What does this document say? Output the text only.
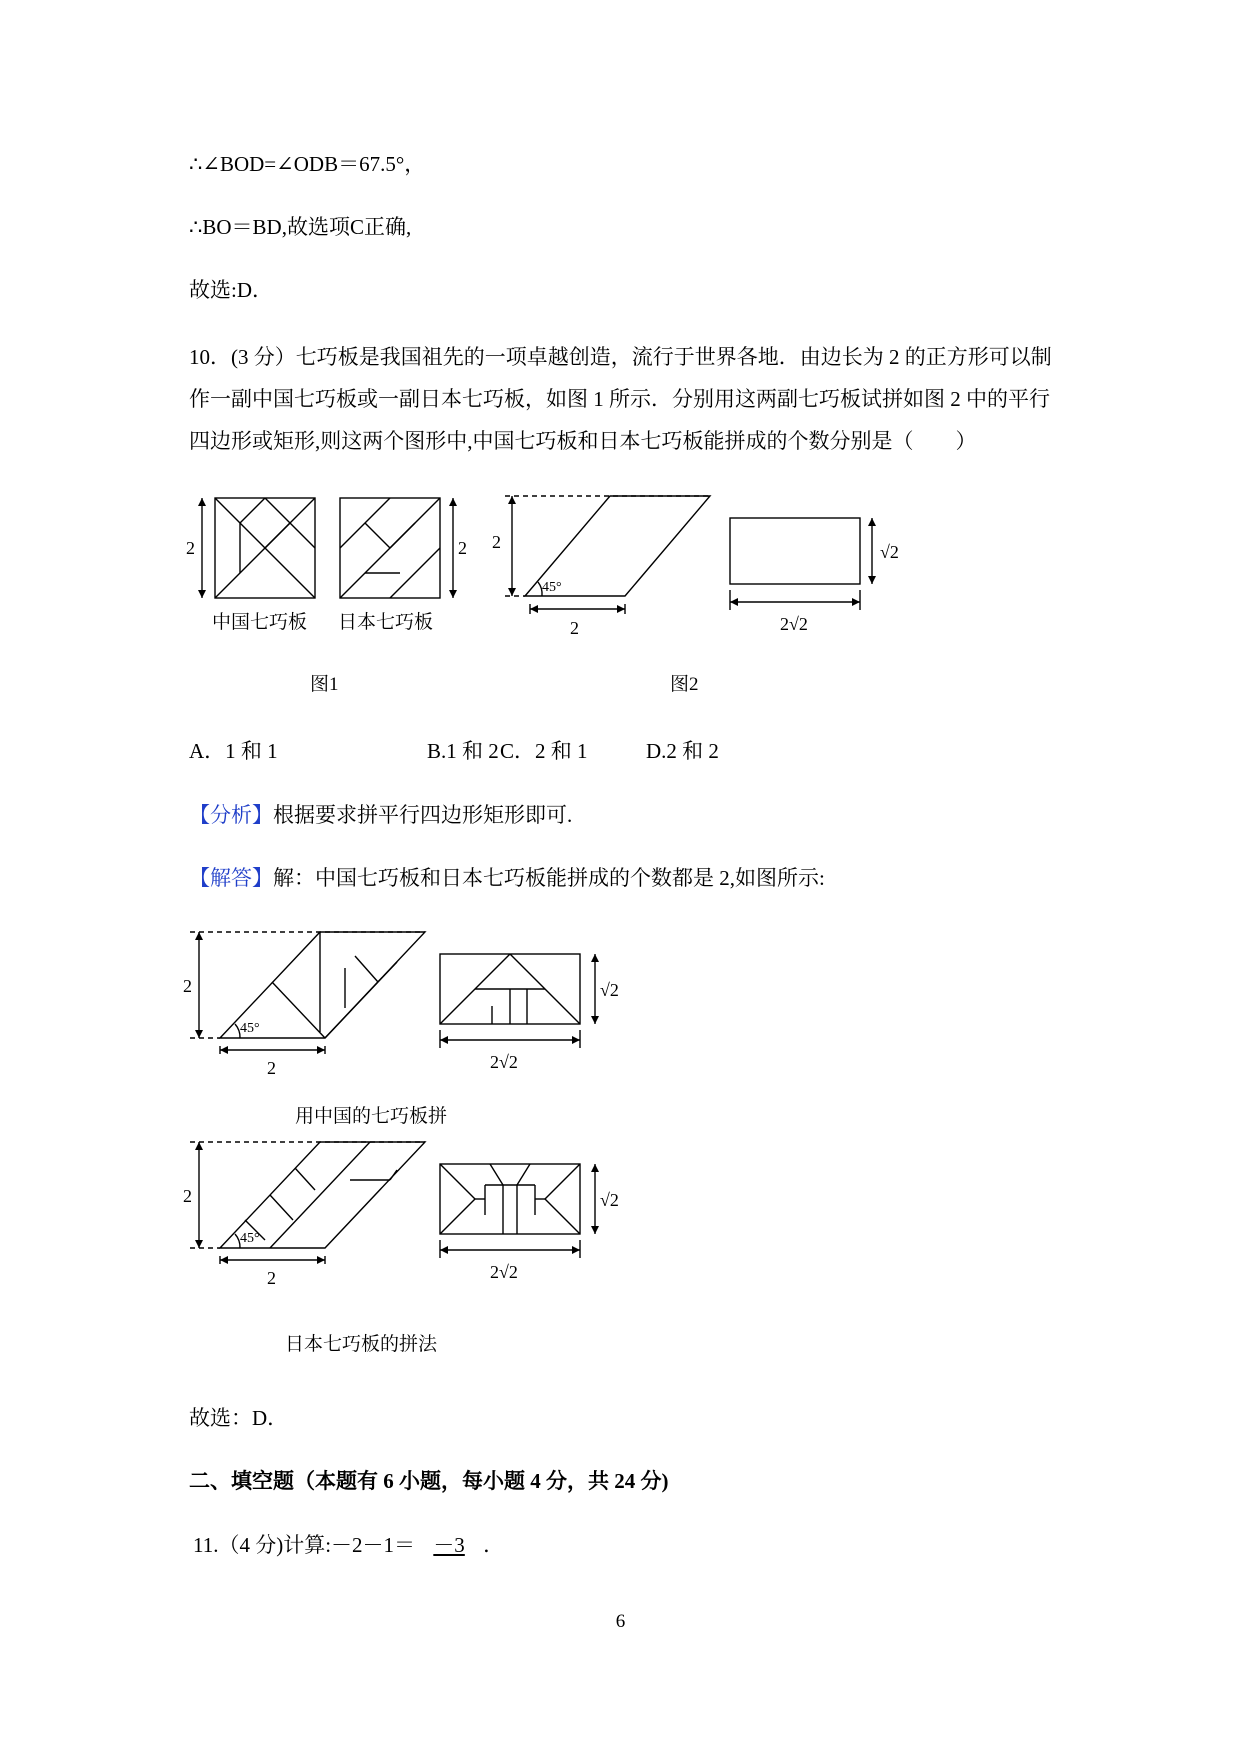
∴∠BOD=∠ODB＝67.5°，
∴BO＝BD,故选项C正确,
故选:D．
10．(3 分）七巧板是我国祖先的一项卓越创造，流行于世界各地．由边长为 2 的正方形可以制作一副中国七巧板或一副日本七巧板，如图 1 所示．分别用这两副七巧板试拼如图 2 中的平行四边形或矩形,则这两个图形中,中国七巧板和日本七巧板能拼成的个数分别是（　　）
2	2 2
45°
2
√2
2√2
中国七巧板 日本七巧板
图1	图2
A．1 和 1	B.1 和 2 C．2 和 1	D.2 和 2
【分析】根据要求拼平行四边形矩形即可.
【解答】解：中国七巧板和日本七巧板能拼成的个数都是 2,如图所示:
2
45°
2
√2
2√2
用中国的七巧板拼
2
45°
2
√2
2√2
日本七巧板的拼法
故选：D．
二、填空题（本题有 6 小题，每小题 4 分，共 24 分)
11.（4 分)计算:－2－1＝ －3 ．
6
